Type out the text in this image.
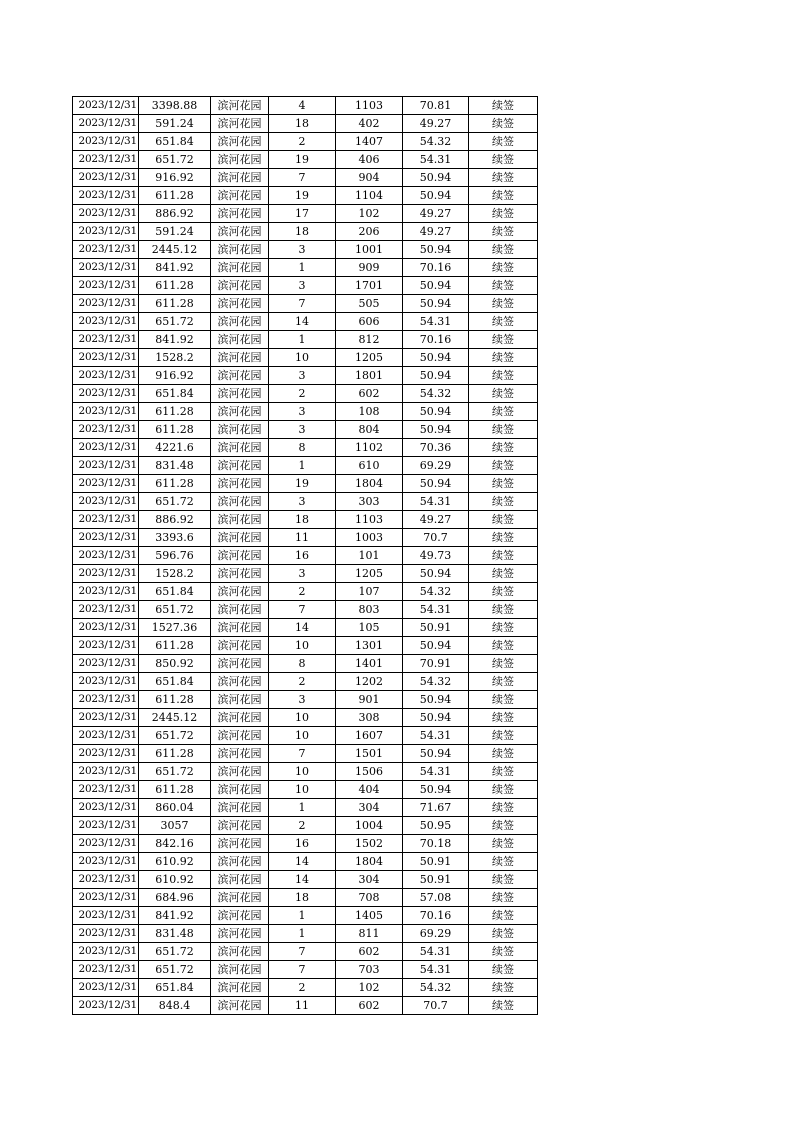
2023/12/31	3398.88	滨河花园	4	1103	70.81	续签
2023/12/31	591.24	滨河花园	18	402	49.27	续签
2023/12/31	651.84	滨河花园	2	1407	54.32	续签
2023/12/31	651.72	滨河花园	19	406	54.31	续签
2023/12/31	916.92	滨河花园	7	904	50.94	续签
2023/12/31	611.28	滨河花园	19	1104	50.94	续签
2023/12/31	886.92	滨河花园	17	102	49.27	续签
2023/12/31	591.24	滨河花园	18	206	49.27	续签
2023/12/31	2445.12	滨河花园	3	1001	50.94	续签
2023/12/31	841.92	滨河花园	1	909	70.16	续签
2023/12/31	611.28	滨河花园	3	1701	50.94	续签
2023/12/31	611.28	滨河花园	7	505	50.94	续签
2023/12/31	651.72	滨河花园	14	606	54.31	续签
2023/12/31	841.92	滨河花园	1	812	70.16	续签
2023/12/31	1528.2	滨河花园	10	1205	50.94	续签
2023/12/31	916.92	滨河花园	3	1801	50.94	续签
2023/12/31	651.84	滨河花园	2	602	54.32	续签
2023/12/31	611.28	滨河花园	3	108	50.94	续签
2023/12/31	611.28	滨河花园	3	804	50.94	续签
2023/12/31	4221.6	滨河花园	8	1102	70.36	续签
2023/12/31	831.48	滨河花园	1	610	69.29	续签
2023/12/31	611.28	滨河花园	19	1804	50.94	续签
2023/12/31	651.72	滨河花园	3	303	54.31	续签
2023/12/31	886.92	滨河花园	18	1103	49.27	续签
2023/12/31	3393.6	滨河花园	11	1003	70.7	续签
2023/12/31	596.76	滨河花园	16	101	49.73	续签
2023/12/31	1528.2	滨河花园	3	1205	50.94	续签
2023/12/31	651.84	滨河花园	2	107	54.32	续签
2023/12/31	651.72	滨河花园	7	803	54.31	续签
2023/12/31	1527.36	滨河花园	14	105	50.91	续签
2023/12/31	611.28	滨河花园	10	1301	50.94	续签
2023/12/31	850.92	滨河花园	8	1401	70.91	续签
2023/12/31	651.84	滨河花园	2	1202	54.32	续签
2023/12/31	611.28	滨河花园	3	901	50.94	续签
2023/12/31	2445.12	滨河花园	10	308	50.94	续签
2023/12/31	651.72	滨河花园	10	1607	54.31	续签
2023/12/31	611.28	滨河花园	7	1501	50.94	续签
2023/12/31	651.72	滨河花园	10	1506	54.31	续签
2023/12/31	611.28	滨河花园	10	404	50.94	续签
2023/12/31	860.04	滨河花园	1	304	71.67	续签
2023/12/31	3057	滨河花园	2	1004	50.95	续签
2023/12/31	842.16	滨河花园	16	1502	70.18	续签
2023/12/31	610.92	滨河花园	14	1804	50.91	续签
2023/12/31	610.92	滨河花园	14	304	50.91	续签
2023/12/31	684.96	滨河花园	18	708	57.08	续签
2023/12/31	841.92	滨河花园	1	1405	70.16	续签
2023/12/31	831.48	滨河花园	1	811	69.29	续签
2023/12/31	651.72	滨河花园	7	602	54.31	续签
2023/12/31	651.72	滨河花园	7	703	54.31	续签
2023/12/31	651.84	滨河花园	2	102	54.32	续签
2023/12/31	848.4	滨河花园	11	602	70.7	续签
